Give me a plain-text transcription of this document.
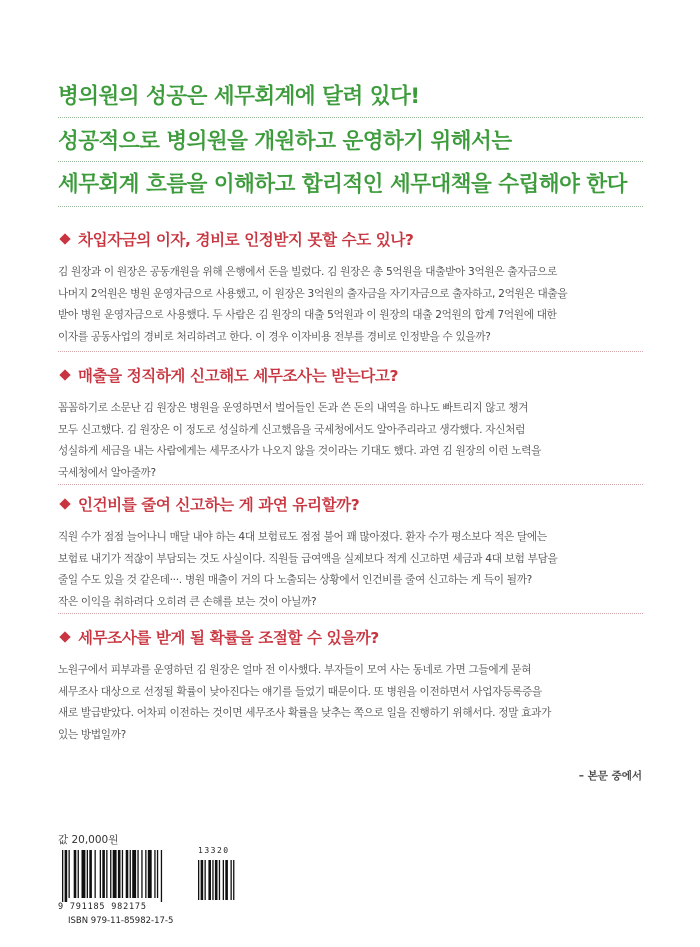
병의원의 성공은 세무회계에 달려 있다!
성공적으로 병의원을 개원하고 운영하기 위해서는
세무회계 흐름을 이해하고 합리적인 세무대책을 수립해야 한다
차입자금의 이자, 경비로 인정받지 못할 수도 있나?
김 원장과 이 원장은 공동개원을 위해 은행에서 돈을 빌렸다. 김 원장은 총 5억원을 대출받아 3억원은 출자금으로
나머지 2억원은 병원 운영자금으로 사용했고, 이 원장은 3억원의 출자금을 자기자금으로 출자하고, 2억원은 대출을
받아 병원 운영자금으로 사용했다. 두 사람은 김 원장의 대출 5억원과 이 원장의 대출 2억원의 합계 7억원에 대한
이자를 공동사업의 경비로 처리하려고 한다. 이 경우 이자비용 전부를 경비로 인정받을 수 있을까?
매출을 정직하게 신고해도 세무조사는 받는다고?
꼼꼼하기로 소문난 김 원장은 병원을 운영하면서 벌어들인 돈과 쓴 돈의 내역을 하나도 빠트리지 않고 챙겨
모두 신고했다. 김 원장은 이 정도로 성실하게 신고했음을 국세청에서도 알아주리라고 생각했다. 자신처럼
성실하게 세금을 내는 사람에게는 세무조사가 나오지 않을 것이라는 기대도 했다. 과연 김 원장의 이런 노력을
국세청에서 알아줄까?
인건비를 줄여 신고하는 게 과연 유리할까?
직원 수가 점점 늘어나니 매달 내야 하는 4대 보험료도 점점 불어 꽤 많아졌다. 환자 수가 평소보다 적은 달에는
보험료 내기가 적잖이 부담되는 것도 사실이다. 직원들 급여액을 실제보다 적게 신고하면 세금과 4대 보험 부담을
줄일 수도 있을 것 같은데···. 병원 매출이 거의 다 노출되는 상황에서 인건비를 줄여 신고하는 게 득이 될까?
작은 이익을 취하려다 오히려 큰 손해를 보는 것이 아닐까?
세무조사를 받게 될 확률을 조절할 수 있을까?
노원구에서 피부과를 운영하던 김 원장은 얼마 전 이사했다. 부자들이 모여 사는 동네로 가면 그들에게 묻혀
세무조사 대상으로 선정될 확률이 낮아진다는 얘기를 들었기 때문이다. 또 병원을 이전하면서 사업자등록증을
새로 발급받았다. 어차피 이전하는 것이면 세무조사 확률을 낮추는 쪽으로 일을 진행하기 위해서다. 정말 효과가
있는 방법일까?
– 본문 중에서
값 20,000원
13320
9 791185 982175
ISBN 979-11-85982-17-5
